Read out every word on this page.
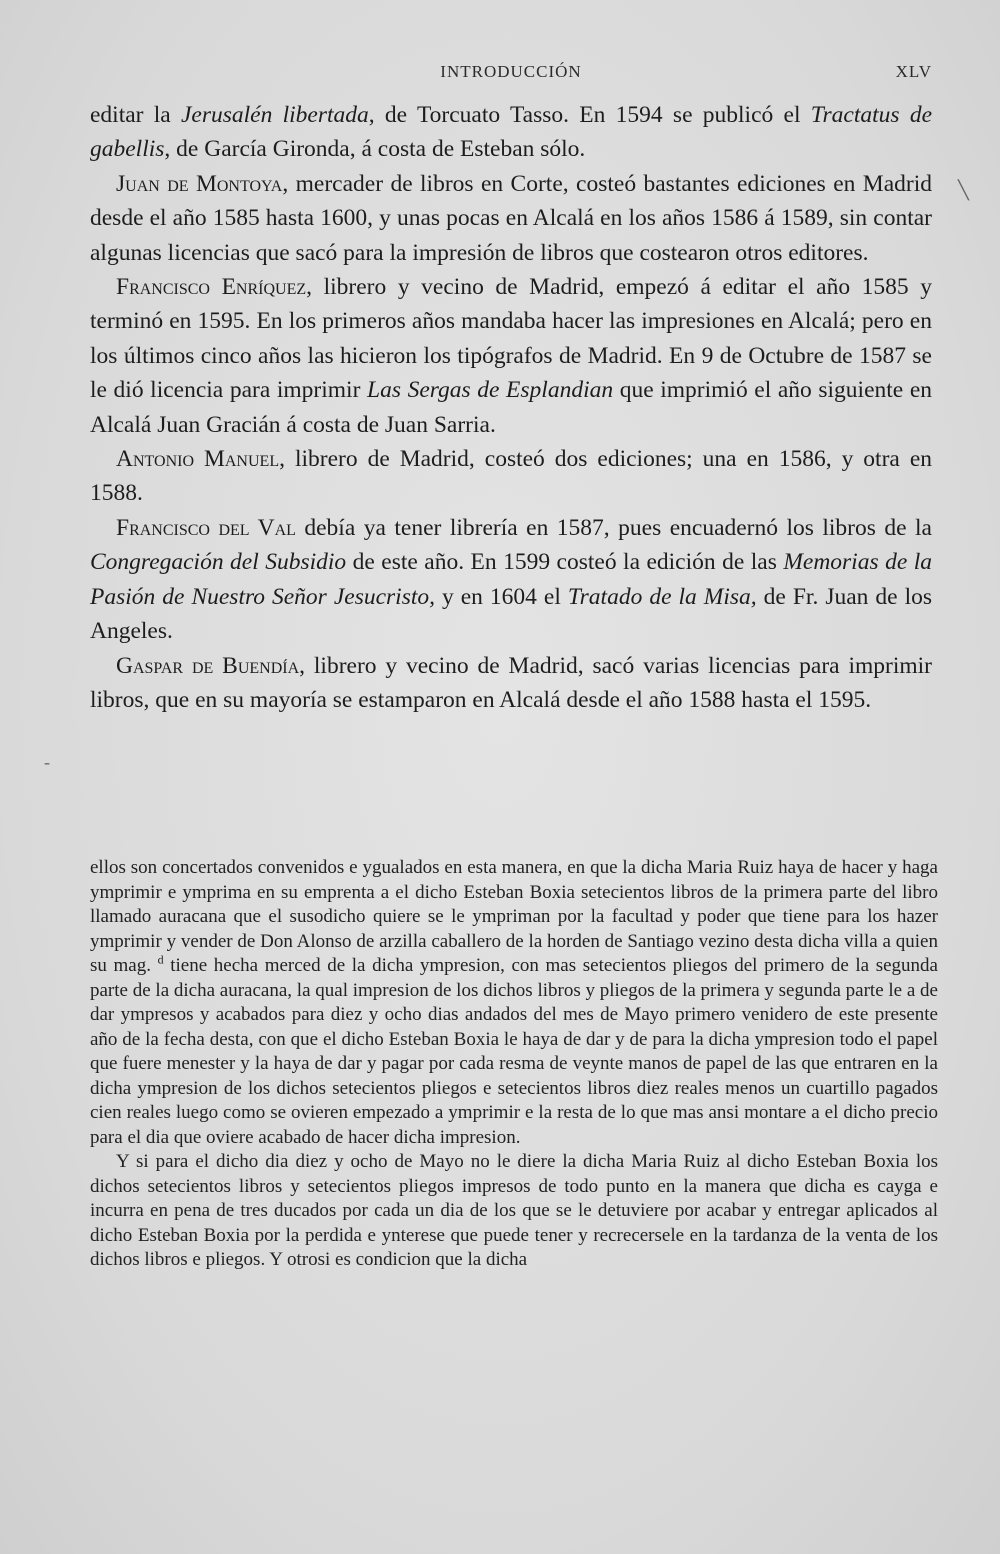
INTRODUCCIÓN	XLV

editar la Jerusalén libertada, de Torcuato Tasso. En 1594 se publicó el Tractatus de gabellis, de García Gironda, á costa de Esteban sólo.

Juan de Montoya, mercader de libros en Corte, costeó bastantes ediciones en Madrid desde el año 1585 hasta 1600, y unas pocas en Alcalá en los años 1586 á 1589, sin contar algunas licencias que sacó para la impresión de libros que costearon otros editores.

Francisco Enríquez, librero y vecino de Madrid, empezó á editar el año 1585 y terminó en 1595. En los primeros años mandaba hacer las impresiones en Alcalá; pero en los últimos cinco años las hicieron los tipógrafos de Madrid. En 9 de Octubre de 1587 se le dió licencia para imprimir Las Sergas de Esplandian que imprimió el año siguiente en Alcalá Juan Gracián á costa de Juan Sarria.

Antonio Manuel, librero de Madrid, costeó dos ediciones; una en 1586, y otra en 1588.

Francisco del Val debía ya tener librería en 1587, pues encuadernó los libros de la Congregación del Subsidio de este año. En 1599 costeó la edición de las Memorias de la Pasión de Nuestro Señor Jesucristo, y en 1604 el Tratado de la Misa, de Fr. Juan de los Angeles.

Gaspar de Buendía, librero y vecino de Madrid, sacó varias licencias para imprimir libros, que en su mayoría se estamparon en Alcalá desde el año 1588 hasta el 1595.

ellos son concertados convenidos e ygualados en esta manera, en que la dicha Maria Ruiz haya de hacer y haga ymprimir e ymprima en su emprenta a el dicho Esteban Boxia setecientos libros de la primera parte del libro llamado auracana que el susodicho quiere se le ympriman por la facultad y poder que tiene para los hazer ymprimir y vender de Don Alonso de arzilla caballero de la horden de Santiago vezino desta dicha villa a quien su mag. $^d$ tiene hecha merced de la dicha ympresion, con mas setecientos pliegos del primero de la segunda parte de la dicha auracana, la qual impresion de los dichos libros y pliegos de la primera y segunda parte le a de dar ympresos y acabados para diez y ocho dias andados del mes de Mayo primero venidero de este presente año de la fecha desta, con que el dicho Esteban Boxia le haya de dar y de para la dicha ympresion todo el papel que fuere menester y la haya de dar y pagar por cada resma de veynte manos de papel de las que entraren en la dicha ympresion de los dichos setecientos pliegos e setecientos libros diez reales menos un cuartillo pagados cien reales luego como se ovieren empezado a ymprimir e la resta de lo que mas ansi montare a el dicho precio para el dia que oviere acabado de hacer dicha impresion.

Y si para el dicho dia diez y ocho de Mayo no le diere la dicha Maria Ruiz al dicho Esteban Boxia los dichos setecientos libros y setecientos pliegos impresos de todo punto en la manera que dicha es cayga e incurra en pena de tres ducados por cada un dia de los que se le detuviere por acabar y entregar aplicados al dicho Esteban Boxia por la perdida e ynterese que puede tener y recrecersele en la tardanza de la venta de los dichos libros e pliegos. Y otrosi es condicion que la dicha

╲
-
